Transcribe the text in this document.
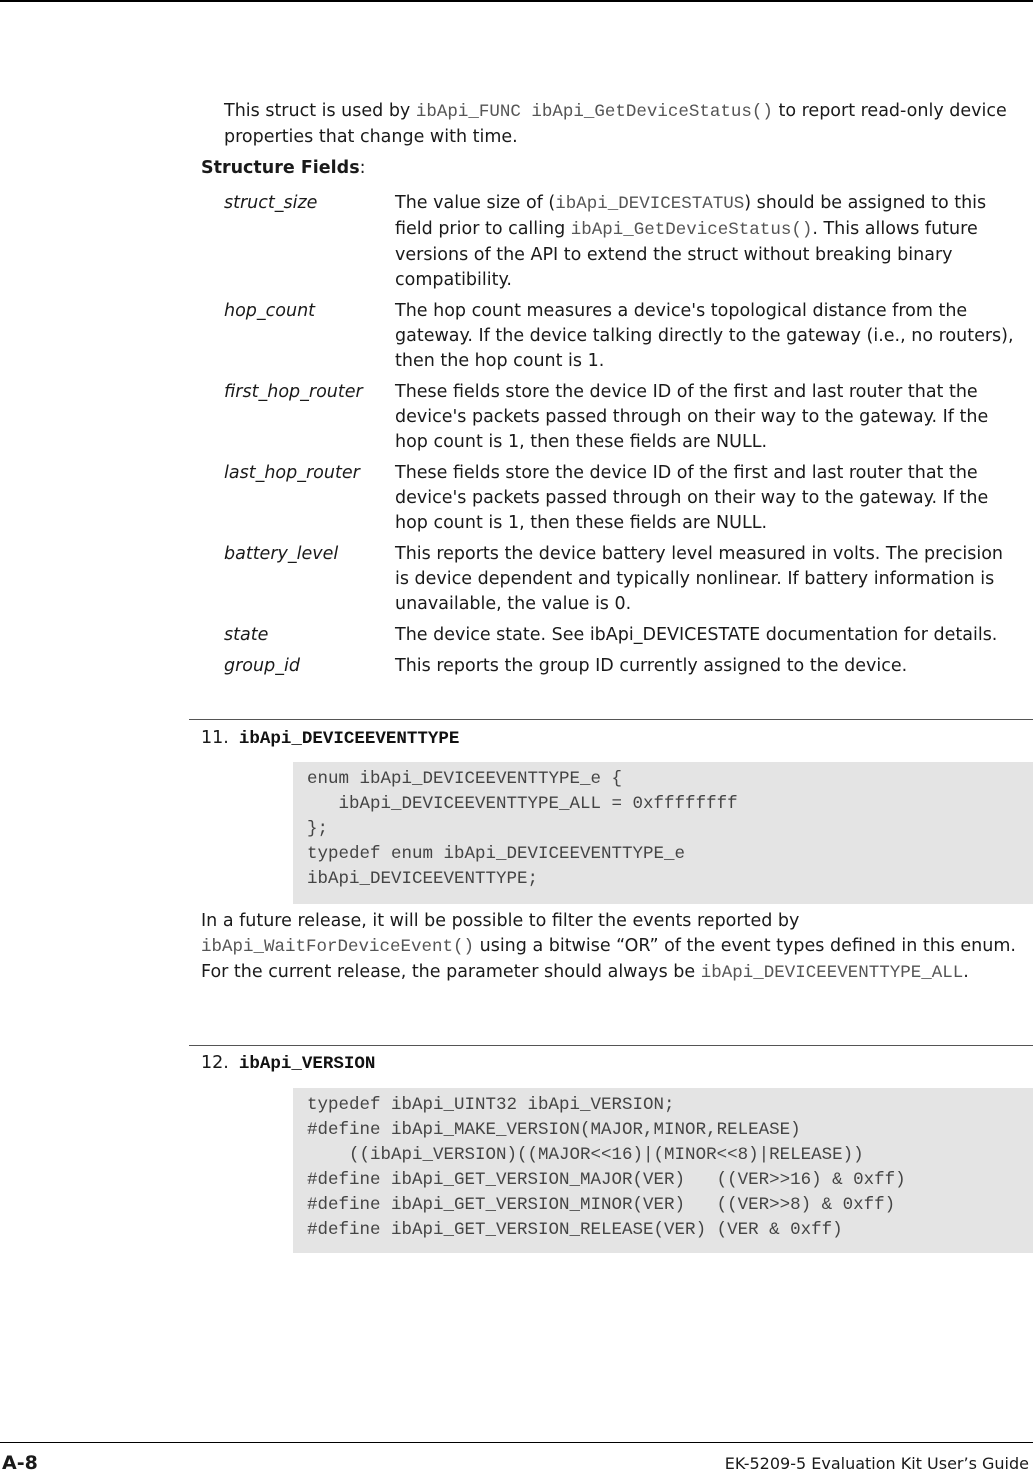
This struct is used by ibApi_FUNC ibApi_GetDeviceStatus() to report read-only device properties that change with time.
Structure Fields:
struct_size	The value size of (ibApi_DEVICESTATUS) should be assigned to this field prior to calling ibApi_GetDeviceStatus(). This allows future versions of the API to extend the struct without breaking binary compatibility.
hop_count	The hop count measures a device's topological distance from the gateway. If the device talking directly to the gateway (i.e., no routers), then the hop count is 1.
first_hop_router	These fields store the device ID of the first and last router that the device's packets passed through on their way to the gateway. If the hop count is 1, then these fields are NULL.
last_hop_router	These fields store the device ID of the first and last router that the device's packets passed through on their way to the gateway. If the hop count is 1, then these fields are NULL.
battery_level	This reports the device battery level measured in volts. The precision is device dependent and typically nonlinear. If battery information is unavailable, the value is 0.
state	The device state. See ibApi_DEVICESTATE documentation for details.
group_id	This reports the group ID currently assigned to the device.
11. ibApi_DEVICEEVENTTYPE
enum ibApi_DEVICEEVENTTYPE_e {
ibApi_DEVICEEVENTTYPE_ALL = 0xffffffff
};
typedef enum ibApi_DEVICEEVENTTYPE_e
ibApi_DEVICEEVENTTYPE;
In a future release, it will be possible to filter the events reported by ibApi_WaitForDeviceEvent() using a bitwise “OR” of the event types defined in this enum. For the current release, the parameter should always be ibApi_DEVICEEVENTTYPE_ALL.
12. ibApi_VERSION
typedef ibApi_UINT32 ibApi_VERSION;
#define ibApi_MAKE_VERSION(MAJOR,MINOR,RELEASE)
((ibApi_VERSION)((MAJOR<<16)|(MINOR<<8)|RELEASE))
#define ibApi_GET_VERSION_MAJOR(VER)   ((VER>>16) & 0xff)
#define ibApi_GET_VERSION_MINOR(VER)   ((VER>>8) & 0xff)
#define ibApi_GET_VERSION_RELEASE(VER) (VER & 0xff)
A-8	EK-5209-5 Evaluation Kit User’s Guide
